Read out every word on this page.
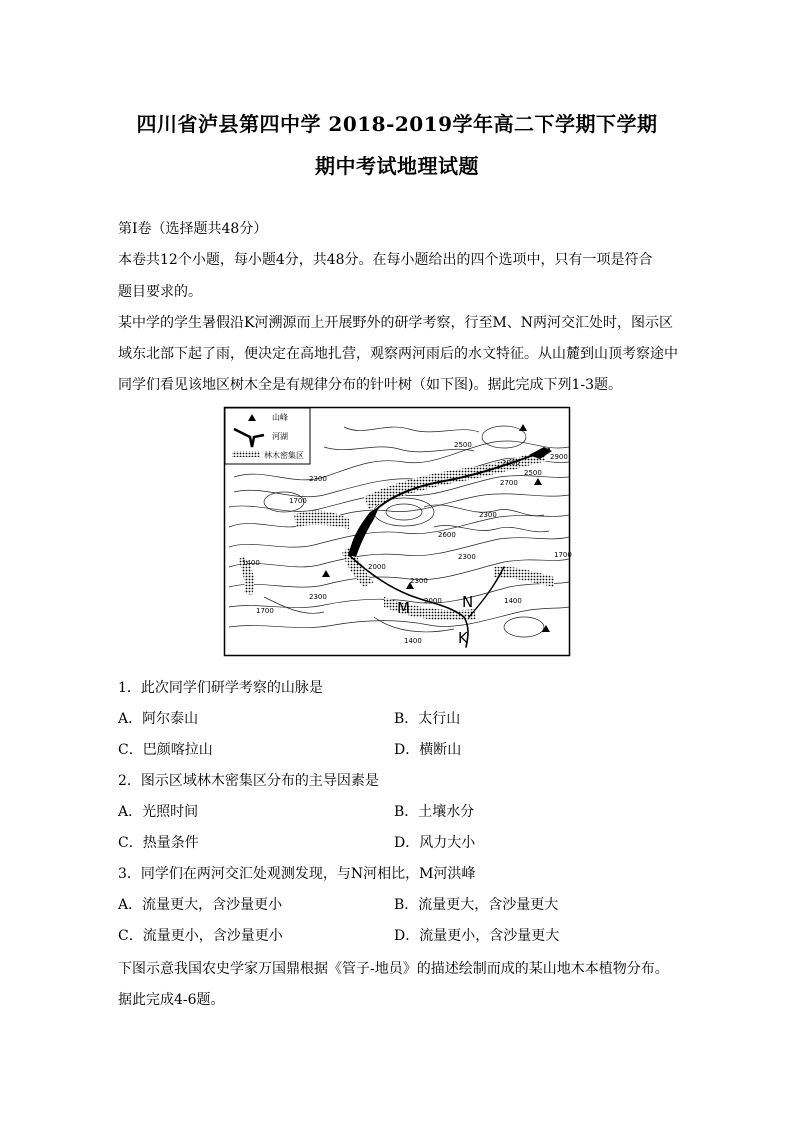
四川省泸县第四中学 2018-2019学年高二下学期下学期
期中考试地理试题
第Ⅰ卷（选择题共48分）
本卷共12个小题，每小题4分，共48分。在每小题给出的四个选项中，只有一项是符合
题目要求的。
某中学的学生暑假沿K河溯源而上开展野外的研学考察，行至M、N两河交汇处时，图示区
域东北部下起了雨，便决定在高地扎营，观察两河雨后的水文特征。从山麓到山顶考察途中
同学们看见该地区树木全是有规律分布的针叶树（如下图)。据此完成下列1-3题。
2500
2300
2500
2000
2900
2700
2300
1700
2600
2300
1400	2000
2300
2300
2000	1400
1700
1700
1400
M	N
K
山峰
河湖
林木密集区
1．此次同学们研学考察的山脉是
A．阿尔泰山	B．太行山
C．巴颜喀拉山	D．横断山
2．图示区域林木密集区分布的主导因素是
A．光照时间	B．土壤水分
C．热量条件	D．风力大小
3．同学们在两河交汇处观测发现，与N河相比，M河洪峰
A．流量更大，含沙量更小	B．流量更大，含沙量更大
C．流量更小，含沙量更小	D．流量更小，含沙量更大
下图示意我国农史学家万国鼎根据《管子-地员》的描述绘制而成的某山地木本植物分布。
据此完成4-6题。
